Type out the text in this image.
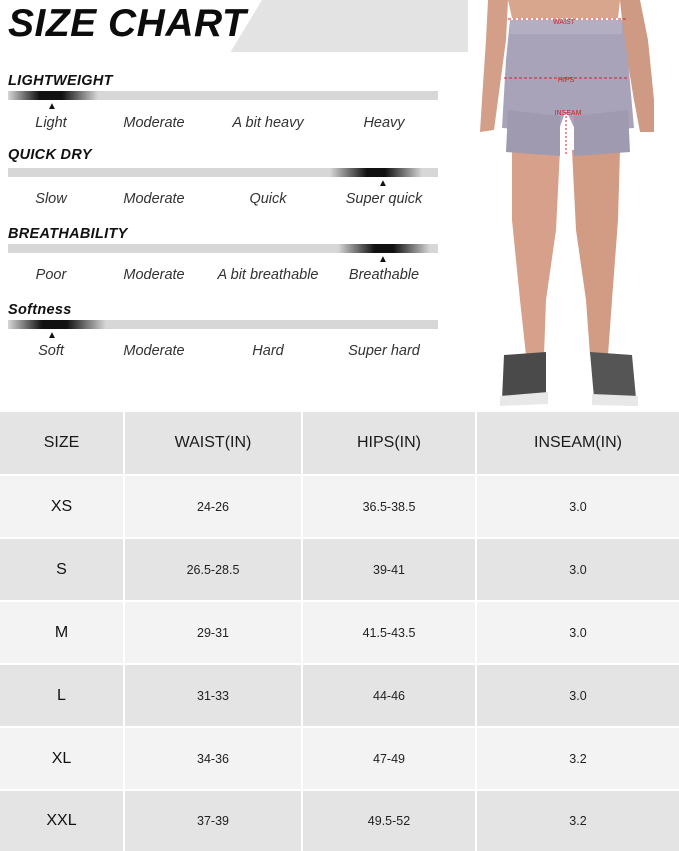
SIZE CHART
LIGHTWEIGHT
▲
Light	Moderate	A bit heavy	Heavy
QUICK DRY
▲
Slow	Moderate	Quick	Super quick
BREATHABILITY
▲
Poor	Moderate	A bit breathable	Breathable
Softness
▲
Soft	Moderate	Hard	Super hard
WAIST
HIPS
INSEAM
SIZE	WAIST(IN)	HIPS(IN)	INSEAM(IN)
XS	24-26	36.5-38.5	3.0
S	26.5-28.5	39-41	3.0
M	29-31	41.5-43.5	3.0
L	31-33	44-46	3.0
XL	34-36	47-49	3.2
XXL	37-39	49.5-52	3.2
